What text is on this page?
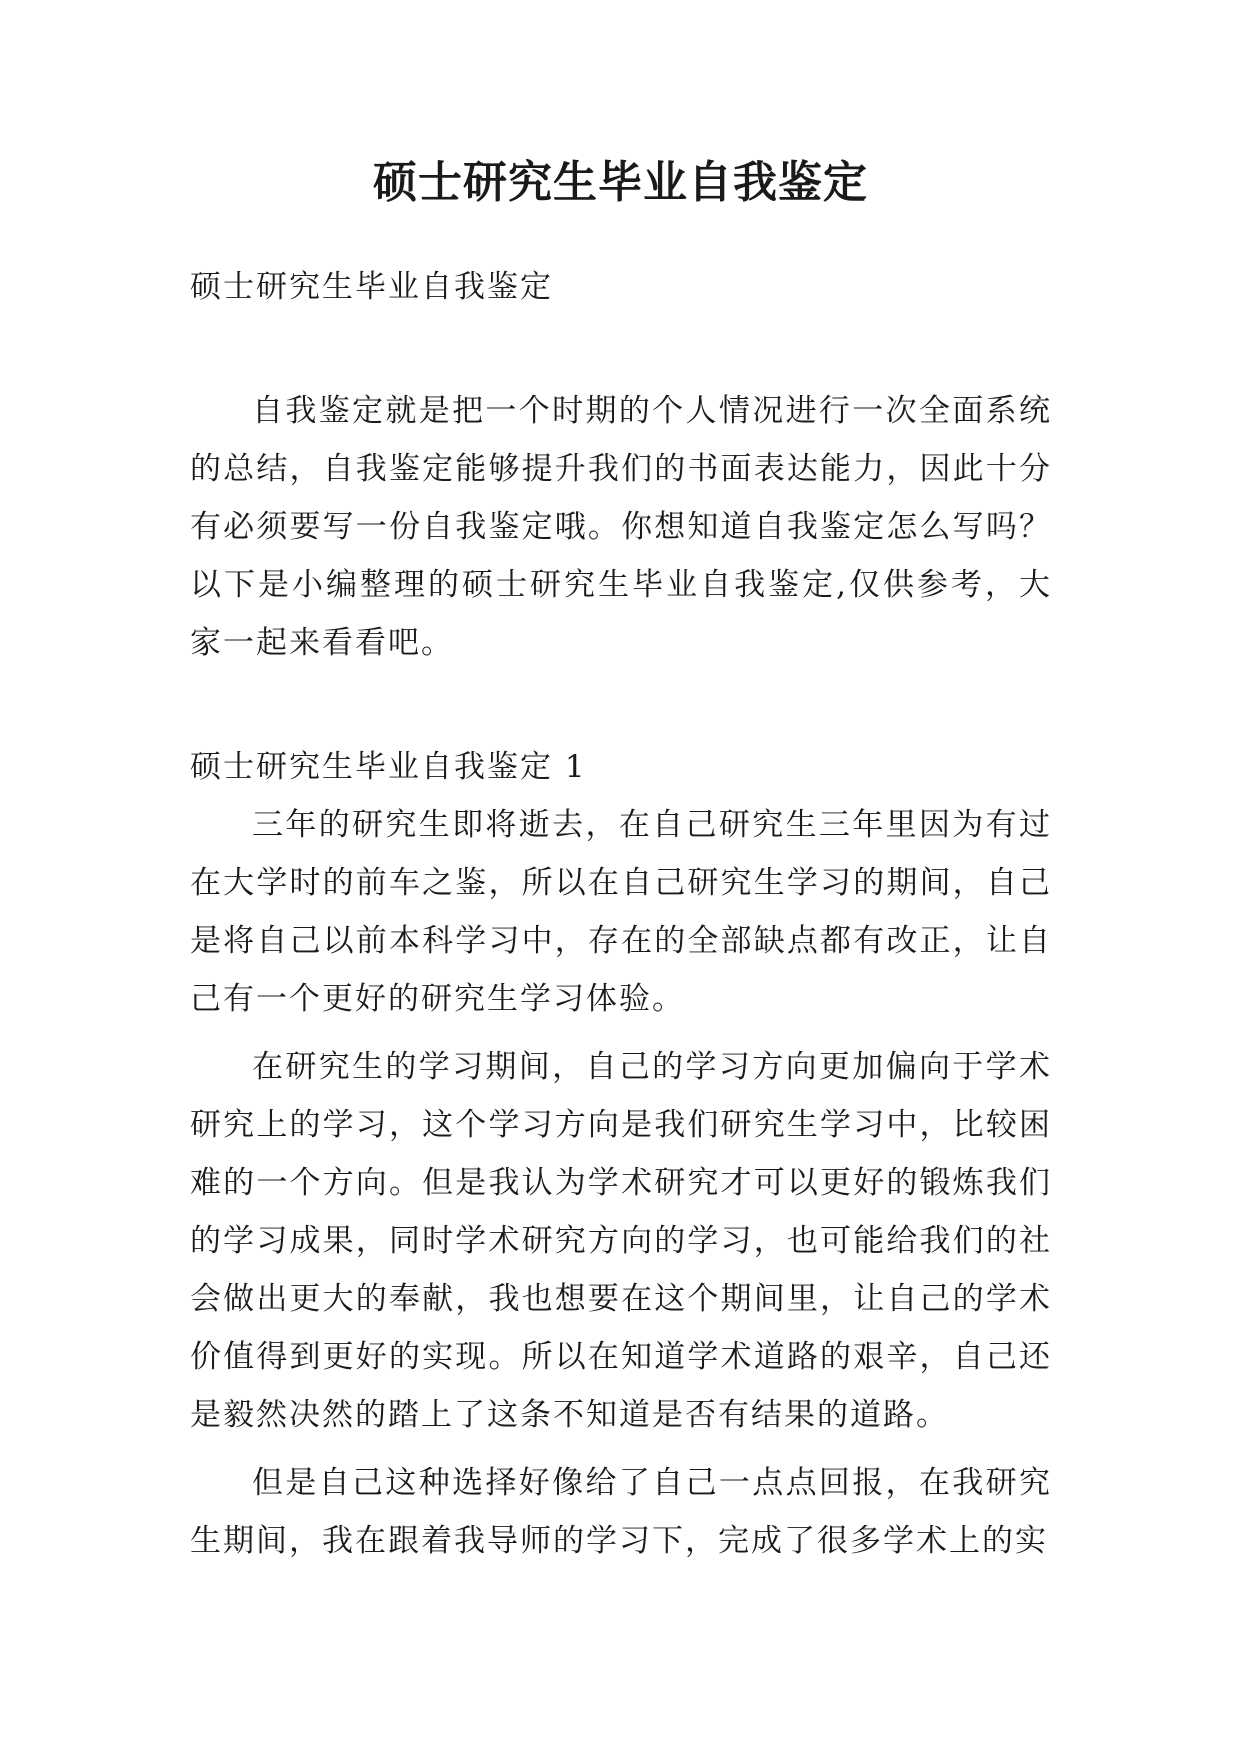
硕士研究生毕业自我鉴定

硕士研究生毕业自我鉴定

自我鉴定就是把一个时期的个人情况进行一次全面系统的总结，自我鉴定能够提升我们的书面表达能力，因此十分有必须要写一份自我鉴定哦。你想知道自我鉴定怎么写吗？以下是小编整理的硕士研究生毕业自我鉴定,仅供参考，大家一起来看看吧。

硕士研究生毕业自我鉴定 1

三年的研究生即将逝去，在自己研究生三年里因为有过在大学时的前车之鉴，所以在自己研究生学习的期间，自己是将自己以前本科学习中，存在的全部缺点都有改正，让自己有一个更好的研究生学习体验。

在研究生的学习期间，自己的学习方向更加偏向于学术研究上的学习，这个学习方向是我们研究生学习中，比较困难的一个方向。但是我认为学术研究才可以更好的锻炼我们的学习成果，同时学术研究方向的学习，也可能给我们的社会做出更大的奉献，我也想要在这个期间里，让自己的学术价值得到更好的实现。所以在知道学术道路的艰辛，自己还是毅然决然的踏上了这条不知道是否有结果的道路。

但是自己这种选择好像给了自己一点点回报，在我研究生期间，我在跟着我导师的学习下，完成了很多学术上的实
